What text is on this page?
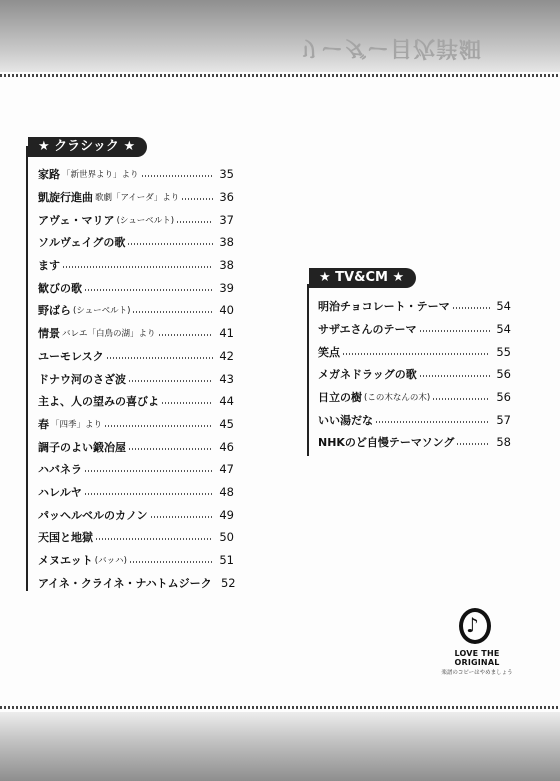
リーダー目次詳細
★ クラシック ★
家路 「新世界より」より	35
凱旋行進曲 歌劇「アイーダ」より	36
アヴェ・マリア (シューベルト)	37
ソルヴェイグの歌	38
ます	38
歓びの歌	39
野ばら (シューベルト)	40
情景 バレエ「白鳥の湖」より	41
ユーモレスク	42
ドナウ河のさざ波	43
主よ、人の望みの喜びよ	44
春 「四季」より	45
調子のよい鍛冶屋	46
ハバネラ	47
ハレルヤ	48
パッヘルベルのカノン	49
天国と地獄	50
メヌエット (バッハ)	51
アイネ・クライネ・ナハトムジーク 52
★ TV&CM ★
明治チョコレート・テーマ	54
サザエさんのテーマ	54
笑点	55
メガネドラッグの歌	56
日立の樹 (この木なんの木)	56
いい湯だな	57
NHKのど自慢テーマソング	58
♪
LOVE THE ORIGINAL
楽譜のコピーはやめましょう
